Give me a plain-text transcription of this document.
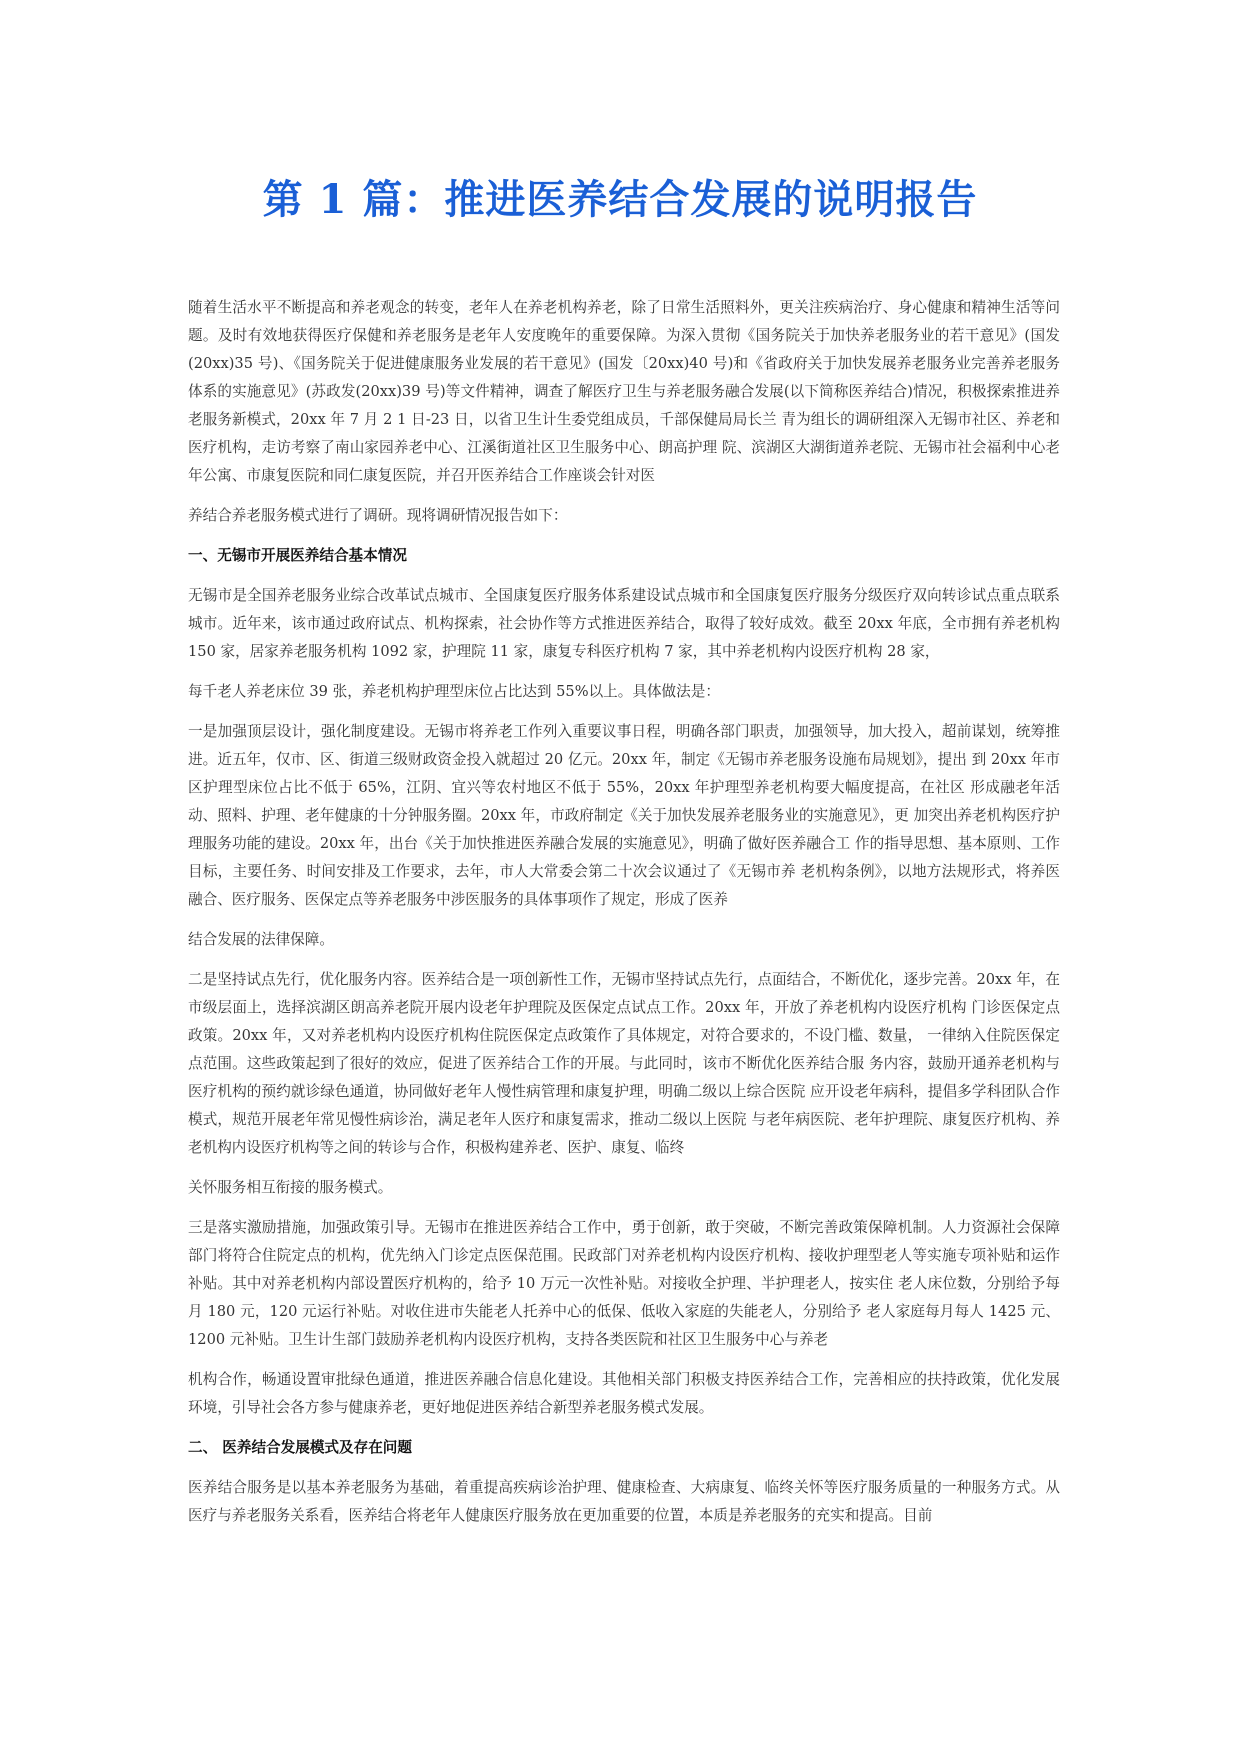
第 1 篇：推进医养结合发展的说明报告

随着生活水平不断提高和养老观念的转变，老年人在养老机构养老，除了日常生活照料外，更关注疾病治疗、身心健康和精神生活等问题。及时有效地获得医疗保健和养老服务是老年人安度晚年的重要保障。为深入贯彻《国务院关于加快养老服务业的若干意见》(国发(20xx)35 号)、《国务院关于促进健康服务业发展的若干意见》(国发〔20xx)40 号)和《省政府关于加快发展养老服务业完善养老服务体系的实施意见》(苏政发(20xx)39 号)等文件精神，调查了解医疗卫生与养老服务融合发展(以下简称医养结合)情况，积极探索推进养老服务新模式，20xx 年 7 月 2 1 日-23 日，以省卫生计生委党组成员，千部保健局局长兰 青为组长的调研组深入无锡市社区、养老和医疗机构，走访考察了南山家园养老中心、江溪街道社区卫生服务中心、朗高护理 院、滨湖区大湖街道养老院、无锡市社会福利中心老年公寓、市康复医院和同仁康复医院，并召开医养结合工作座谈会针对医

养结合养老服务模式进行了调研。现将调研情况报告如下：

一、无锡市开展医养结合基本情况

无锡市是全国养老服务业综合改革试点城市、全国康复医疗服务体系建设试点城市和全国康复医疗服务分级医疗双向转诊试点重点联系城市。近年来，该市通过政府试点、机构探索，社会协作等方式推进医养结合，取得了较好成效。截至 20xx 年底，全市拥有养老机构 150 家，居家养老服务机构 1092 家，护理院 11 家，康复专科医疗机构 7 家，其中养老机构内设医疗机构 28 家，

每千老人养老床位 39 张，养老机构护理型床位占比达到 55%以上。具体做法是：

一是加强顶层设计，强化制度建设。无锡市将养老工作列入重要议事日程，明确各部门职责，加强领导，加大投入，超前谋划，统筹推进。近五年，仅市、区、街道三级财政资金投入就超过 20 亿元。20xx 年，制定《无锡市养老服务设施布局规划》，提出 到 20xx 年市区护理型床位占比不低于 65%，江阴、宜兴等农村地区不低于 55%，20xx 年护理型养老机构要大幅度提高，在社区 形成融老年活动、照料、护理、老年健康的十分钟服务圈。20xx 年，市政府制定《关于加快发展养老服务业的实施意见》，更 加突出养老机构医疗护理服务功能的建设。20xx 年，出台《关于加快推进医养融合发展的实施意见》，明确了做好医养融合工 作的指导思想、基本原则、工作目标，主要任务、时间安排及工作要求，去年，市人大常委会第二十次会议通过了《无锡市养 老机构条例》，以地方法规形式，将养医融合、医疗服务、医保定点等养老服务中涉医服务的具体事项作了规定，形成了医养

结合发展的法律保障。

二是坚持试点先行，优化服务内容。医养结合是一项创新性工作，无锡市坚持试点先行，点面结合，不断优化，逐步完善。20xx 年，在市级层面上，选择滨湖区朗高养老院开展内设老年护理院及医保定点试点工作。20xx 年，开放了养老机构内设医疗机构 门诊医保定点政策。20xx 年，又对养老机构内设医疗机构住院医保定点政策作了具体规定，对符合要求的，不设门槛、数量， 一律纳入住院医保定点范围。这些政策起到了很好的效应，促进了医养结合工作的开展。与此同时，该市不断优化医养结合服 务内容，鼓励开通养老机构与医疗机构的预约就诊绿色通道，协同做好老年人慢性病管理和康复护理，明确二级以上综合医院 应开设老年病科，提倡多学科团队合作模式，规范开展老年常见慢性病诊治，满足老年人医疗和康复需求，推动二级以上医院 与老年病医院、老年护理院、康复医疗机构、养老机构内设医疗机构等之间的转诊与合作，积极构建养老、医护、康复、临终

关怀服务相互衔接的服务模式。

三是落实激励措施，加强政策引导。无锡市在推进医养结合工作中，勇于创新，敢于突破，不断完善政策保障机制。人力资源社会保障部门将符合住院定点的机构，优先纳入门诊定点医保范围。民政部门对养老机构内设医疗机构、接收护理型老人等实施专项补贴和运作补贴。其中对养老机构内部设置医疗机构的，给予 10 万元一次性补贴。对接收全护理、半护理老人，按实住 老人床位数，分别给予每月 180 元，120 元运行补贴。对收住进市失能老人托养中心的低保、低收入家庭的失能老人，分别给予 老人家庭每月每人 1425 元、1200 元补贴。卫生计生部门鼓励养老机构内设医疗机构，支持各类医院和社区卫生服务中心与养老

机构合作，畅通设置审批绿色通道，推进医养融合信息化建设。其他相关部门积极支持医养结合工作，完善相应的扶持政策，优化发展环境，引导社会各方参与健康养老，更好地促进医养结合新型养老服务模式发展。

二、 医养结合发展模式及存在问题

医养结合服务是以基本养老服务为基础，着重提高疾病诊治护理、健康检查、大病康复、临终关怀等医疗服务质量的一种服务方式。从医疗与养老服务关系看，医养结合将老年人健康医疗服务放在更加重要的位置，本质是养老服务的充实和提高。目前
